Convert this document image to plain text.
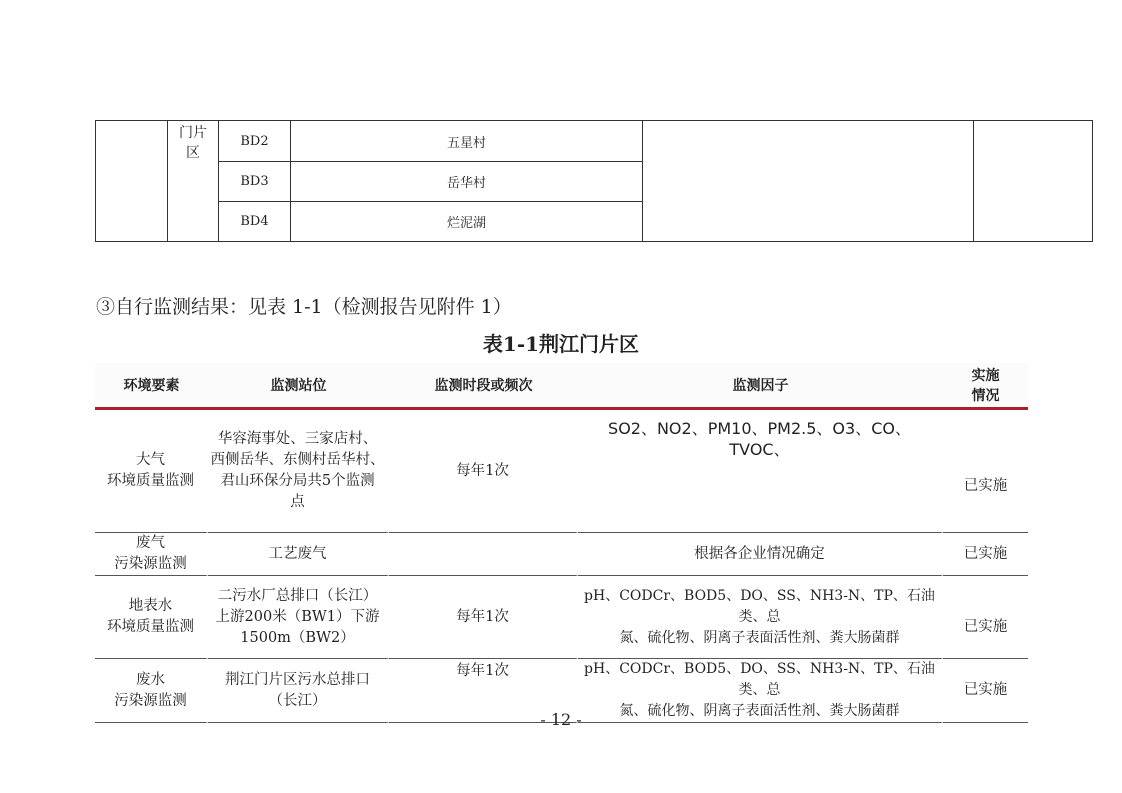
	门片
区	BD2	五星村		
		BD3	岳华村		
		BD4	烂泥湖		
③自行监测结果：见表 1-1（检测报告见附件 1）
表1-1荆江门片区
环境要素	监测站位	监测时段或频次	监测因子	实施
情况
大气
环境质量监测	华容海事处、三家店村、
西侧岳华、东侧村岳华村、
君山环保分局共5个监测
点	每年1次	SO2、NO2、PM10、PM2.5、O3、CO、TVOC、	已实施
废气
污染源监测	工艺废气		根据各企业情况确定	已实施
地表水
环境质量监测	二污水厂总排口（长江）
上游200米（BW1）下游
1500m（BW2）	每年1次	pH、CODCr、BOD5、DO、SS、NH3-N、TP、石油类、总
氮、硫化物、阴离子表面活性剂、粪大肠菌群	已实施
废水
污染源监测	荆江门片区污水总排口
（长江）	每年1次	pH、CODCr、BOD5、DO、SS、NH3-N、TP、石油类、总
氮、硫化物、阴离子表面活性剂、粪大肠菌群	已实施
- 12 -
